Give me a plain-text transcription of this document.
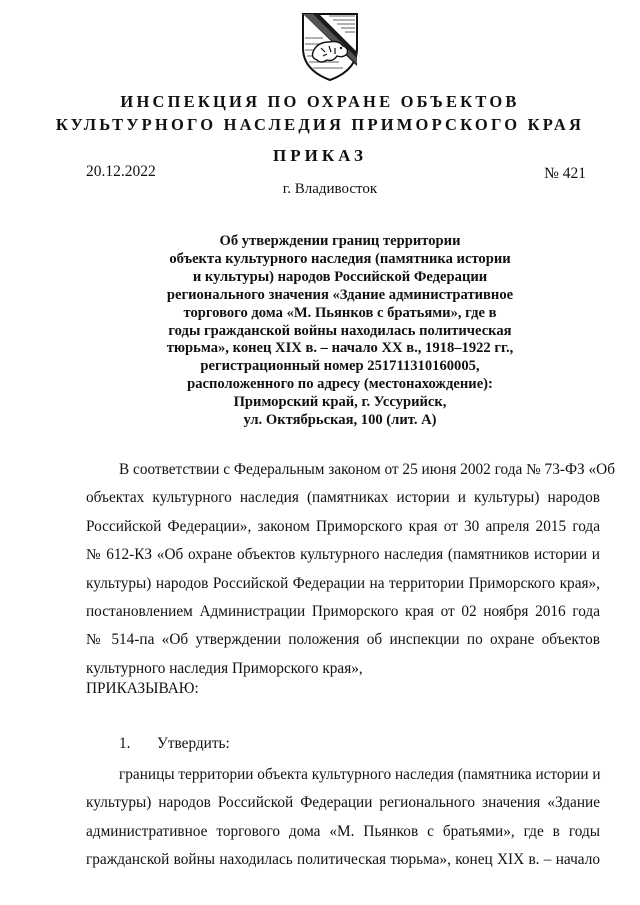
ИНСПЕКЦИЯ ПО ОХРАНЕ ОБЪЕКТОВ
КУЛЬТУРНОГО НАСЛЕДИЯ ПРИМОРСКОГО КРАЯ
ПРИКАЗ
20.12.2022	№ 421
г. Владивосток
Об утверждении границ территории
объекта культурного наследия (памятника истории
и культуры) народов Российской Федерации
регионального значения «Здание административное
торгового дома «М. Пьянков с братьями», где в
годы гражданской войны находилась политическая
тюрьма», конец XIX в. – начало XX в., 1918–1922 гг.,
регистрационный номер 251711310160005,
расположенного по адресу (местонахождение):
Приморский край, г. Уссурийск,
ул. Октябрьская, 100 (лит. А)
В соответствии с Федеральным законом от 25 июня 2002 года № 73-ФЗ «Об
объектах культурного наследия (памятниках истории и культуры) народов
Российской Федерации», законом Приморского края от 30 апреля 2015 года
№ 612-КЗ «Об охране объектов культурного наследия (памятников истории и
культуры) народов Российской Федерации на территории Приморского края»,
постановлением Администрации Приморского края от 02 ноября 2016 года
№ 514-па «Об утверждении положения об инспекции по охране объектов
культурного наследия Приморского края»,
ПРИКАЗЫВАЮ:
1. Утвердить:
границы территории объекта культурного наследия (памятника истории и
культуры) народов Российской Федерации регионального значения «Здание
административное торгового дома «М. Пьянков с братьями», где в годы
гражданской войны находилась политическая тюрьма», конец XIX в. – начало
